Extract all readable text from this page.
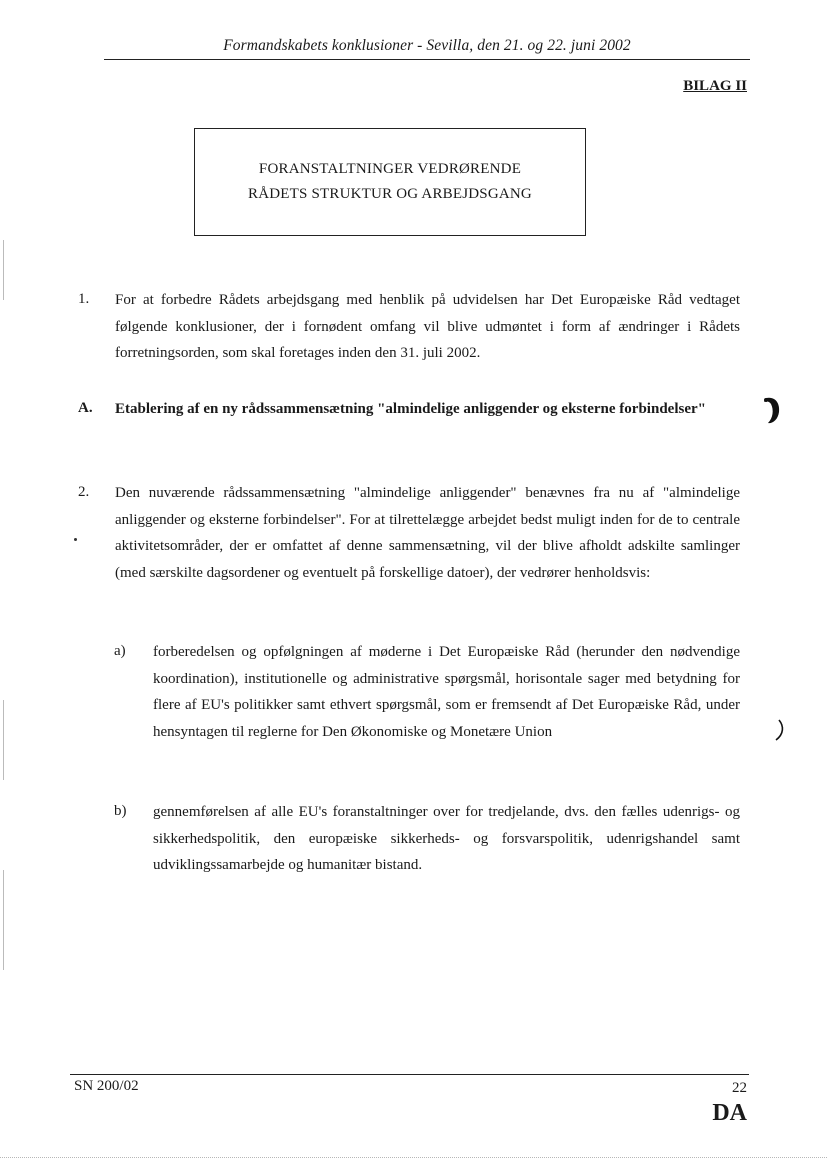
Formandskabets konklusioner - Sevilla, den 21. og 22. juni 2002
BILAG II
FORANSTALTNINGER VEDRØRENDE
RÅDETS STRUKTUR OG ARBEJDSGANG
1. For at forbedre Rådets arbejdsgang med henblik på udvidelsen har Det Europæiske Råd vedtaget følgende konklusioner, der i fornødent omfang vil blive udmøntet i form af ændringer i Rådets forretningsorden, som skal foretages inden den 31. juli 2002.
A. Etablering af en ny rådssammensætning "almindelige anliggender og eksterne forbindelser"
2. Den nuværende rådssammensætning "almindelige anliggender" benævnes fra nu af "almindelige anliggender og eksterne forbindelser". For at tilrettelægge arbejdet bedst muligt inden for de to centrale aktivitetsområder, der er omfattet af denne sammensætning, vil der blive afholdt adskilte samlinger (med særskilte dagsordener og eventuelt på forskellige datoer), der vedrører henholdsvis:
a) forberedelsen og opfølgningen af møderne i Det Europæiske Råd (herunder den nødvendige koordination), institutionelle og administrative spørgsmål, horisontale sager med betydning for flere af EU's politikker samt ethvert spørgsmål, som er fremsendt af Det Europæiske Råd, under hensyntagen til reglerne for Den Økonomiske og Monetære Union
b) gennemførelsen af alle EU's foranstaltninger over for tredjelande, dvs. den fælles udenrigs- og sikkerhedspolitik, den europæiske sikkerheds- og forsvarspolitik, udenrigshandel samt udviklingssamarbejde og humanitær bistand.
SN 200/02	22
DA
